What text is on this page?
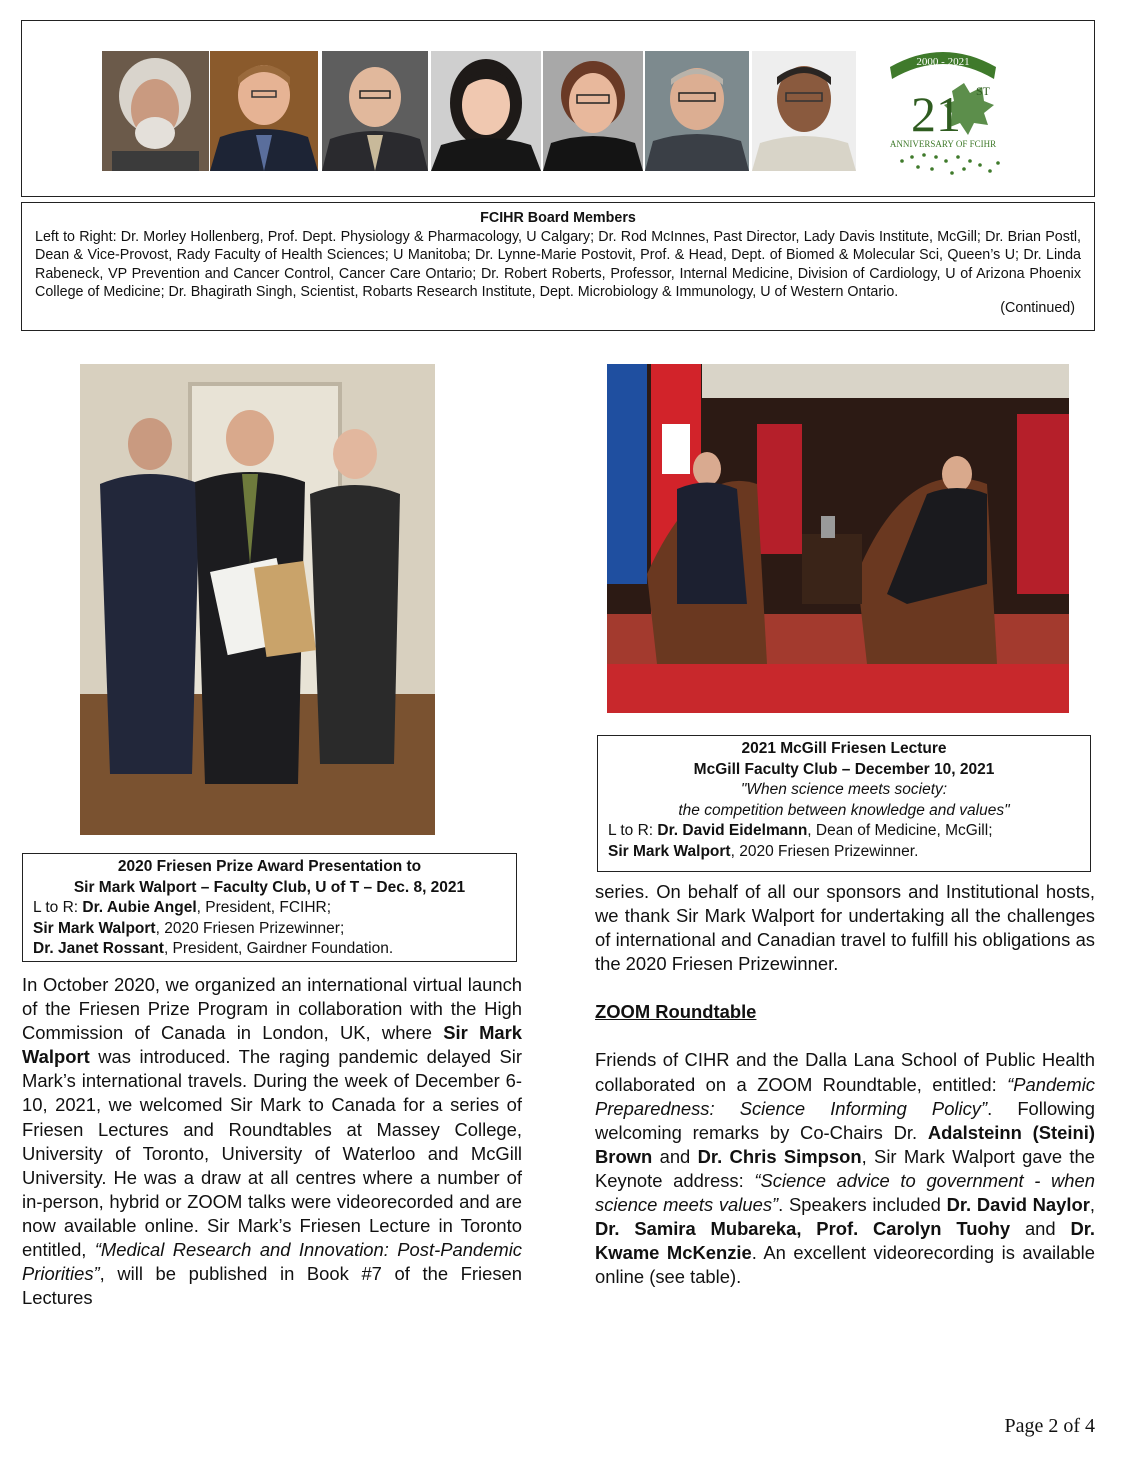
2000 - 2021
21 ST
ANNIVERSARY OF FCIHR
FCIHR Board Members
Left to Right: Dr. Morley Hollenberg, Prof. Dept. Physiology & Pharmacology, U Calgary; Dr. Rod McInnes, Past Director, Lady Davis Institute, McGill; Dr. Brian Postl, Dean & Vice-Provost, Rady Faculty of Health Sciences; U Manitoba; Dr. Lynne-Marie Postovit, Prof. & Head, Dept. of Biomed & Molecular Sci, Queen’s U; Dr. Linda Rabeneck, VP Prevention and Cancer Control, Cancer Care Ontario; Dr. Robert Roberts, Professor, Internal Medicine, Division of Cardiology, U of Arizona Phoenix College of Medicine; Dr. Bhagirath Singh, Scientist, Robarts Research Institute, Dept. Microbiology & Immunology, U of Western Ontario.
(Continued)
2020 Friesen Prize Award Presentation to
Sir Mark Walport – Faculty Club, U of T – Dec. 8, 2021
L to R: Dr. Aubie Angel, President, FCIHR;
Sir Mark Walport, 2020 Friesen Prizewinner;
Dr. Janet Rossant, President, Gairdner Foundation.
2021 McGill Friesen Lecture
McGill Faculty Club – December 10, 2021
"When science meets society:
the competition between knowledge and values"
L to R: Dr. David Eidelmann, Dean of Medicine, McGill;
Sir Mark Walport, 2020 Friesen Prizewinner.

In October 2020, we organized an international virtual launch of the Friesen Prize Program in collaboration with the High Commission of Canada in London, UK, where Sir Mark Walport was introduced. The raging pandemic delayed Sir Mark’s international travels. During the week of December 6-10, 2021, we welcomed Sir Mark to Canada for a series of Friesen Lectures and Roundtables at Massey College, University of Toronto, University of Waterloo and McGill University. He was a draw at all centres where a number of in-person, hybrid or ZOOM talks were videorecorded and are now available online. Sir Mark’s Friesen Lecture in Toronto entitled, “Medical Research and Innovation: Post-Pandemic Priorities”, will be published in Book #7 of the Friesen Lectures

series. On behalf of all our sponsors and Institutional hosts, we thank Sir Mark Walport for undertaking all the challenges of international and Canadian travel to fulfill his obligations as the 2020 Friesen Prizewinner.

ZOOM Roundtable

Friends of CIHR and the Dalla Lana School of Public Health collaborated on a ZOOM Roundtable, entitled: “Pandemic Preparedness: Science Informing Policy”. Following welcoming remarks by Co-Chairs Dr. Adalsteinn (Steini) Brown and Dr. Chris Simpson, Sir Mark Walport gave the Keynote address: “Science advice to government - when science meets values”. Speakers included Dr. David Naylor, Dr. Samira Mubareka, Prof. Carolyn Tuohy and Dr. Kwame McKenzie. An excellent videorecording is available online (see table).

Page 2 of 4
